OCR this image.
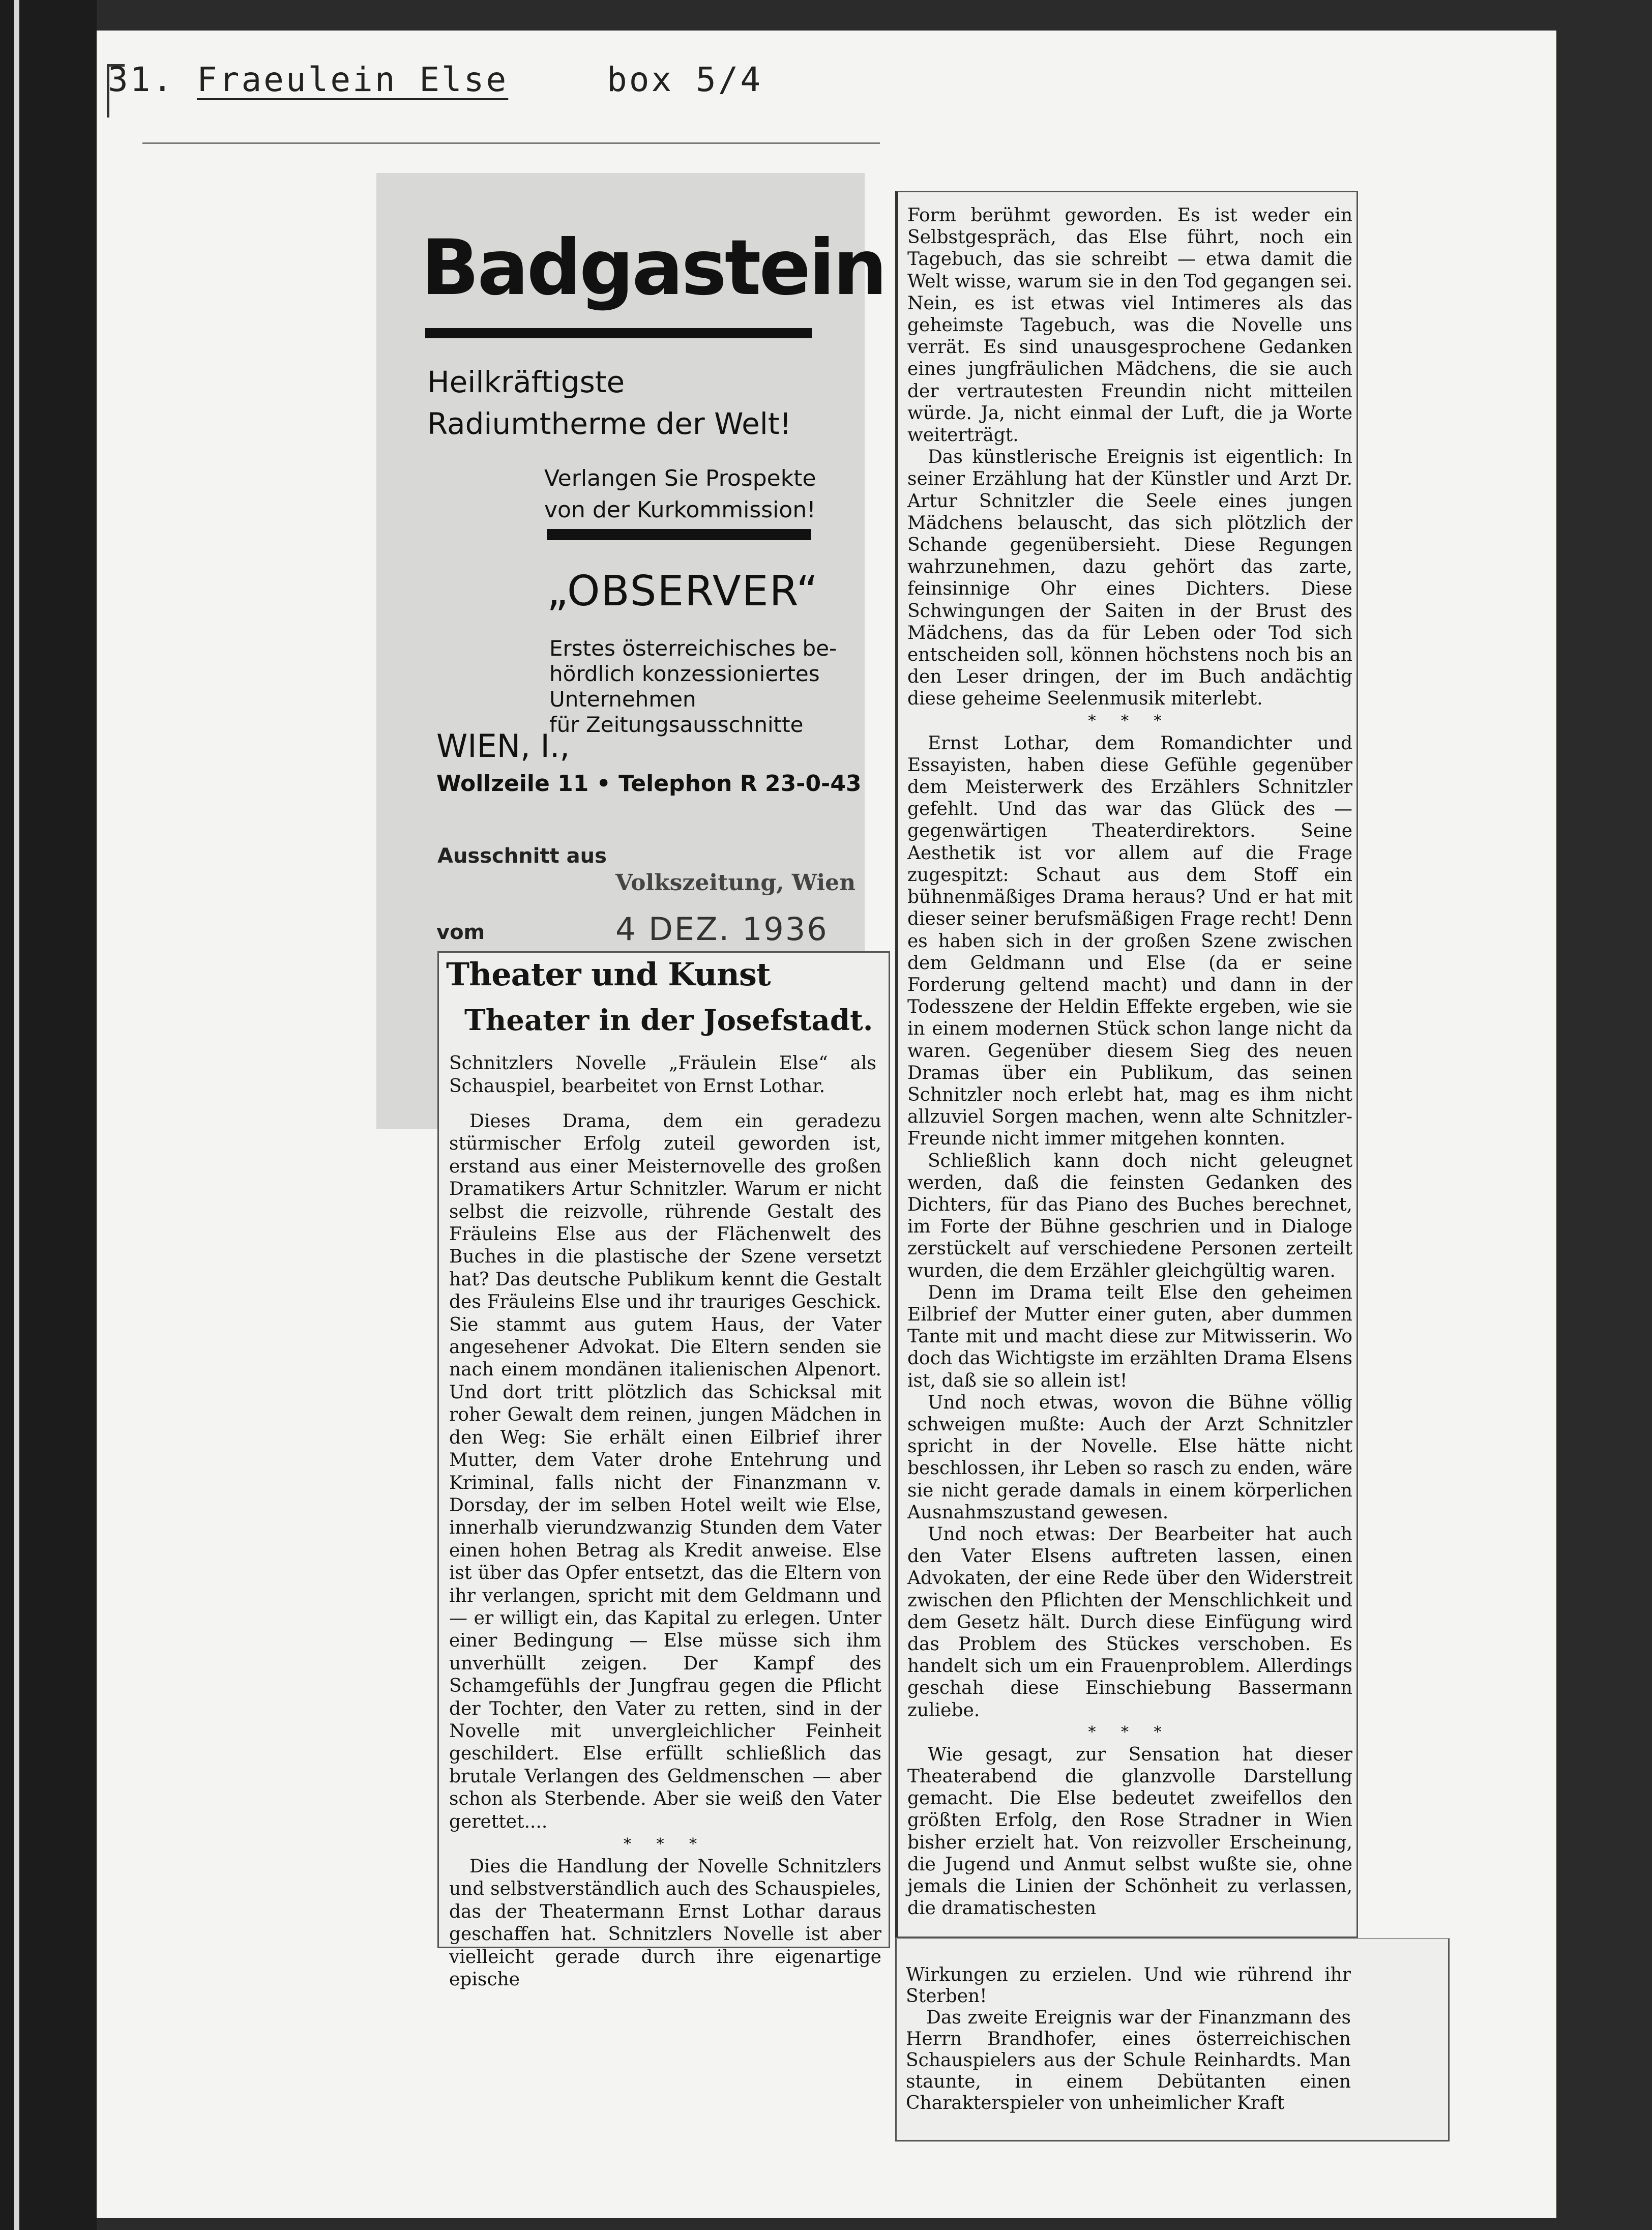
31. Fraeulein Else	box 5/4
Badgastein
Heilkräftigste
Radiumtherme der Welt!
Verlangen Sie Prospekte
von der Kurkommission!
„OBSERVER“
Erstes österreichisches be-
hördlich konzessioniertes
Unternehmen
für Zeitungsausschnitte
WIEN, I.,
Wollzeile 11 • Telephon R 23-0-43
Ausschnitt aus
Volkszeitung, Wien
vom	4 DEZ. 1936
Theater und Kunst
Theater in der Josefstadt.
Schnitzlers Novelle „Fräulein Else“ als Schauspiel, bearbeitet von Ernst Lothar.

Dieses Drama, dem ein geradezu stürmischer Erfolg zuteil geworden ist, erstand aus einer Meisternovelle des großen Dramatikers Artur Schnitzler. Warum er nicht selbst die reizvolle, rührende Gestalt des Fräuleins Else aus der Flächenwelt des Buches in die plastische der Szene versetzt hat? Das deutsche Publikum kennt die Gestalt des Fräuleins Else und ihr trauriges Geschick. Sie stammt aus gutem Haus, der Vater angesehener Advokat. Die Eltern senden sie nach einem mondänen italienischen Alpenort. Und dort tritt plötzlich das Schicksal mit roher Gewalt dem reinen, jungen Mädchen in den Weg: Sie erhält einen Eilbrief ihrer Mutter, dem Vater drohe Entehrung und Kriminal, falls nicht der Finanzmann v. Dorsday, der im selben Hotel weilt wie Else, innerhalb vierundzwanzig Stunden dem Vater einen hohen Betrag als Kredit anweise. Else ist über das Opfer entsetzt, das die Eltern von ihr verlangen, spricht mit dem Geldmann und — er willigt ein, das Kapital zu erlegen. Unter einer Bedingung — Else müsse sich ihm unverhüllt zeigen. Der Kampf des Schamgefühls der Jungfrau gegen die Pflicht der Tochter, den Vater zu retten, sind in der Novelle mit unvergleichlicher Feinheit geschildert. Else erfüllt schließlich das brutale Verlangen des Geldmenschen — aber schon als Sterbende. Aber sie weiß den Vater gerettet....

* * *

Dies die Handlung der Novelle Schnitzlers und selbstverständlich auch des Schauspieles, das der Theatermann Ernst Lothar daraus geschaffen hat. Schnitzlers Novelle ist aber vielleicht gerade durch ihre eigenartige epische

Form berühmt geworden. Es ist weder ein Selbstgespräch, das Else führt, noch ein Tagebuch, das sie schreibt — etwa damit die Welt wisse, warum sie in den Tod gegangen sei. Nein, es ist etwas viel Intimeres als das geheimste Tagebuch, was die Novelle uns verrät. Es sind unausgesprochene Gedanken eines jungfräulichen Mädchens, die sie auch der vertrautesten Freundin nicht mitteilen würde. Ja, nicht einmal der Luft, die ja Worte weiterträgt.

Das künstlerische Ereignis ist eigentlich: In seiner Erzählung hat der Künstler und Arzt Dr. Artur Schnitzler die Seele eines jungen Mädchens belauscht, das sich plötzlich der Schande gegenübersieht. Diese Regungen wahrzunehmen, dazu gehört das zarte, feinsinnige Ohr eines Dichters. Diese Schwingungen der Saiten in der Brust des Mädchens, das da für Leben oder Tod sich entscheiden soll, können höchstens noch bis an den Leser dringen, der im Buch andächtig diese geheime Seelenmusik miterlebt.

* * *

Ernst Lothar, dem Romandichter und Essayisten, haben diese Gefühle gegenüber dem Meisterwerk des Erzählers Schnitzler gefehlt. Und das war das Glück des — gegenwärtigen Theaterdirektors. Seine Aesthetik ist vor allem auf die Frage zugespitzt: Schaut aus dem Stoff ein bühnenmäßiges Drama heraus? Und er hat mit dieser seiner berufsmäßigen Frage recht! Denn es haben sich in der großen Szene zwischen dem Geldmann und Else (da er seine Forderung geltend macht) und dann in der Todesszene der Heldin Effekte ergeben, wie sie in einem modernen Stück schon lange nicht da waren. Gegenüber diesem Sieg des neuen Dramas über ein Publikum, das seinen Schnitzler noch erlebt hat, mag es ihm nicht allzuviel Sorgen machen, wenn alte Schnitzler-Freunde nicht immer mitgehen konnten.

Schließlich kann doch nicht geleugnet werden, daß die feinsten Gedanken des Dichters, für das Piano des Buches berechnet, im Forte der Bühne geschrien und in Dialoge zerstückelt auf verschiedene Personen zerteilt wurden, die dem Erzähler gleichgültig waren.

Denn im Drama teilt Else den geheimen Eilbrief der Mutter einer guten, aber dummen Tante mit und macht diese zur Mitwisserin. Wo doch das Wichtigste im erzählten Drama Elsens ist, daß sie so allein ist!

Und noch etwas, wovon die Bühne völlig schweigen mußte: Auch der Arzt Schnitzler spricht in der Novelle. Else hätte nicht beschlossen, ihr Leben so rasch zu enden, wäre sie nicht gerade damals in einem körperlichen Ausnahmszustand gewesen.

Und noch etwas: Der Bearbeiter hat auch den Vater Elsens auftreten lassen, einen Advokaten, der eine Rede über den Widerstreit zwischen den Pflichten der Menschlichkeit und dem Gesetz hält. Durch diese Einfügung wird das Problem des Stückes verschoben. Es handelt sich um ein Frauenproblem. Allerdings geschah diese Einschiebung Bassermann zuliebe.

* * *

Wie gesagt, zur Sensation hat dieser Theaterabend die glanzvolle Darstellung gemacht. Die Else bedeutet zweifellos den größten Erfolg, den Rose Stradner in Wien bisher erzielt hat. Von reizvoller Erscheinung, die Jugend und Anmut selbst wußte sie, ohne jemals die Linien der Schönheit zu verlassen, die dramatischesten

Wirkungen zu erzielen. Und wie rührend ihr Sterben!

Das zweite Ereignis war der Finanzmann des Herrn Brandhofer, eines österreichischen Schauspielers aus der Schule Reinhardts. Man staunte, in einem Debütanten einen Charakterspieler von unheimlicher Kraft
